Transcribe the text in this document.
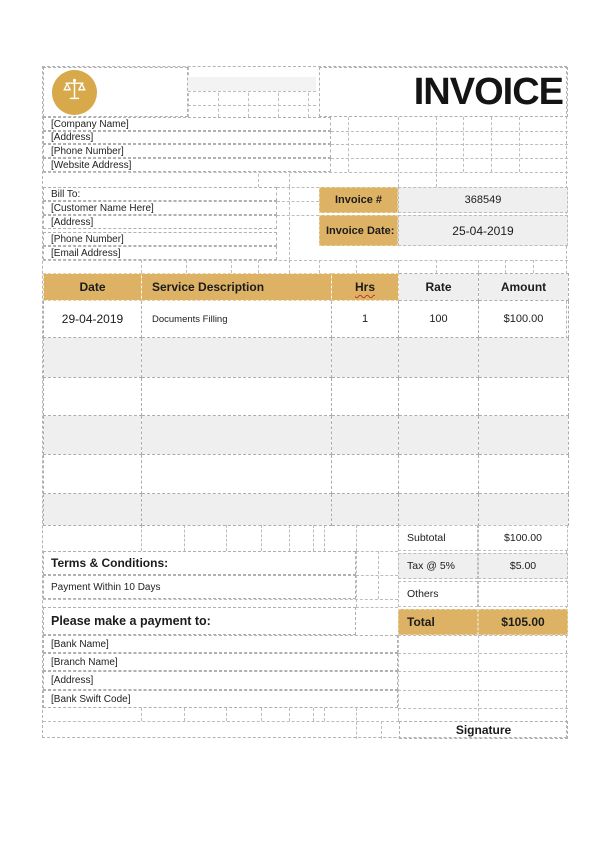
INVOICE
[Company Name]
[Address]
[Phone Number]
[Website Address]
Bill To:
[Customer Name Here]
[Address]
[Phone Number]
[Email Address]
Invoice #	368549
Invoice Date:	25-04-2019
Date	Service Description	Hrs	Rate	Amount
29-04-2019	Documents Filling	1	100	$100.00

Subtotal	$100.00
Tax @ 5%	$5.00
Others
Total	$105.00
Terms & Conditions:
Payment Within 10 Days
Please make a payment to:
[Bank Name]
[Branch Name]
[Address]
[Bank Swift Code]
Signature
